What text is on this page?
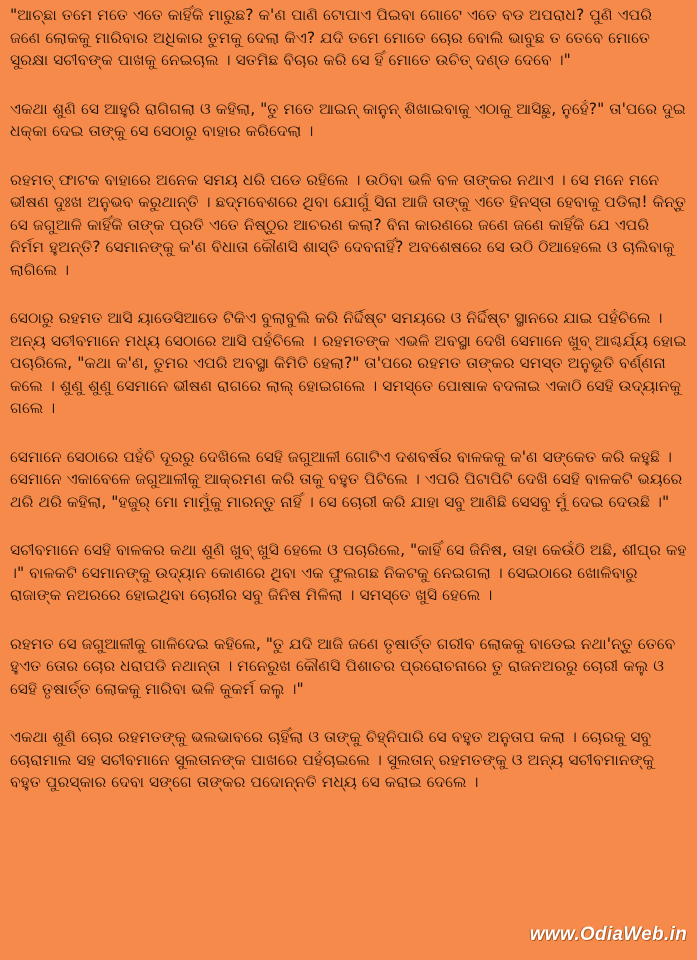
"ଆଚ୍ଛା ତମେ ମତେ ଏତେ କାହିଁକି ମାରୁଛ? କ'ଣ ପାଣି ଟୋପାଏ ପିଇବା ଗୋଟେ ଏତେ ବଡ ଅପରାଧ? ପୁଣି ଏପରି ଜଣେ ଲୋକକୁ ମାରିବାର ଅଧିକାର ତୁମକୁ ଦେଲା କିଏ? ଯଦି ତମେ ମୋତେ ଚୋର ବୋଲି ଭାବୁଛ ତ ତେବେ ମୋତେ ସୁରକ୍ଷା ସଚୀବଙ୍କ ପାଖକୁ ନେଇଚାଲ । ସତମିଛ ବିଚାର କରି ସେ ହିଁ ମୋତେ ଉଚିତ୍ ଦଣ୍ଡ ଦେବେ ।"

ଏକଥା ଶୁଣି ସେ ଆହୁରି ରାଗିଗଲା ଓ କହିଲା, "ତୁ ମତେ ଆଇନ୍ କାନୁନ୍ ଶିଖାଇବାକୁ ଏଠାକୁ ଆସିଛୁ, ନୁହେଁ?" ତା'ପରେ ଦୁଇ ଧକ୍କା ଦେଇ ତାଙ୍କୁ ସେ ସେଠାରୁ ବାହାର କରିଦେଲା ।

ରହମତ୍ ଫାଟକ ବାହାରେ ଅନେକ ସମୟ ଧରି ପଡେ ରହିଲେ । ଉଠିବା ଭଳି ବଳ ତାଙ୍କର ନଥାଏ । ସେ ମନେ ମନେ ଭୀଷଣ ଦୁଃଖ ଅନୁଭବ କରୁଥାନ୍ତି । ଛଦ୍ମବେଶରେ ଥିବା ଯୋଗୁଁ ସିନା ଆଜି ତାଙ୍କୁ ଏତେ ହିନସ୍ତା ହେବାକୁ ପଡିଲା! କିନ୍ତୁ ସେ ଜଗୁଆଳି କାହିଁକି ତାଙ୍କ ପ୍ରତି ଏତେ ନିଷ୍ଠୁର ଆଚରଣ କଲା? ବିନା କାରଣରେ ଜଣେ ଜଣେ କାହିଁକି ଯେ ଏପରି ନିର୍ମମ ହୁଅନ୍ତି? ସେମାନଙ୍କୁ କ'ଣ ବିଧାତା କୌଣସି ଶାସ୍ତି ଦେବନାହିଁ? ଅବଶେଷରେ ସେ ଉଠି ଠିଆହେଲେ ଓ ଚାଲିବାକୁ ଲାଗିଲେ ।

ସେଠାରୁ ରହମତ ଆସି ୟାଡେସିଆଡେ ଟିକିଏ ବୁଲାବୁଲି କରି ନିର୍ଦ୍ଦିଷ୍ଟ ସମୟରେ ଓ ନିର୍ଦ୍ଦିଷ୍ଟ ସ୍ଥାନରେ ଯାଇ ପହଁଚିଲେ । ଅନ୍ୟ ସଚୀବମାନେ ମଧ୍ୟ ସେଠାରେ ଆସି ପହଁଚିଲେ । ରହମତଙ୍କ ଏଭଳି ଅବସ୍ଥା ଦେଖି ସେମାନେ ଖୁବ୍ ଆଶ୍ଚର୍ଯ୍ୟ ହୋଇ ପଚାରିଲେ, "କଥା କ'ଣ, ତୁମର ଏପରି ଅବସ୍ଥା କିମିତି ହେଲା?" ତା'ପରେ ରହମତ ତାଙ୍କର ସମସ୍ତ ଅନୁଭୂତି ବର୍ଣ୍ଣନା କଲେ । ଶୁଣୁ ଶୁଣୁ ସେମାନେ ଭୀଷଣ ରାଗରେ ଲାଲ୍ ହୋଇଗଲେ । ସମସ୍ତେ ପୋଷାକ ବଦଳାଇ ଏକାଠି ସେହି ଉଦ୍ୟାନକୁ ଗଲେ ।

ସେମାନେ ସେଠାରେ ପହଁଚି ଦୂରରୁ ଦେଖିଲେ ସେହି ଜଗୁଆଳୀ ଗୋଟିଏ ଦଶବର୍ଷର ବାଳକକୁ କ'ଣ ସଙ୍କେତ କରି କହୁଛି । ସେମାନେ ଏକାବେଳେ ଜଗୁଆଳୀକୁ ଆକ୍ରମଣ କରି ତାକୁ ବହୁତ ପିଟିଲେ । ଏପରି ପିଟାପିଟି ଦେଖି ସେହି ବାଳକଟି ଭୟରେ ଥରି ଥରି କହିଲା, "ହଜୁର୍ ମୋ ମାମୁଁକୁ ମାରନ୍ତୁ ନାହିଁ । ସେ ଚୋରୀ କରି ଯାହା ସବୁ ଆଣିଛି ସେସବୁ ମୁଁ ଦେଇ ଦେଉଛି ।"

ସଚୀବମାନେ ସେହି ବାଳକର କଥା ଶୁଣି ଖୁବ୍ ଖୁସି ହେଲେ ଓ ପଚାରିଲେ, "କାହିଁ ସେ ଜିନିଷ, ତାହା କେଉଁଠି ଅଛି, ଶୀଘ୍ର କହ ।" ବାଳକଟି ସେମାନଙ୍କୁ ଉଦ୍ୟାନ କୋଣରେ ଥିବା ଏକ ଫୁଲଗଛ ନିକଟକୁ ନେଇଗଲା । ସେଇଠାରେ ଖୋଳିବାରୁ ରାଜାଙ୍କ ନଅରରେ ହୋଇଥିବା ଚୋରୀର ସବୁ ଜିନିଷ ମିଳିଲା । ସମସ୍ତେ ଖୁସି ହେଲେ ।

ରହମତ ସେ ଜଗୁଆଳୀକୁ ଗାଳିଦେଇ କହିଲେ, "ତୁ ଯଦି ଆଜି ଜଣେ ତୃଷାର୍ତ୍ତ ଗରୀବ ଲୋକକୁ ବାଡେଇ ନଥା'ନ୍ତୁ ତେବେ ହୁଏତ ତୋର ଚୋର ଧରାପଡି ନଥାନ୍ତା । ମନେରୁଖ କୌଣସି ପିଶାଚର ପ୍ରରୋଚନାରେ ତୁ ରାଜନଅରରୁ ଚୋରୀ କଲୁ ଓ ସେହି ତୃଷାର୍ତ୍ତ ଲୋକକୁ ମାରିବା ଭଳି କୁକର୍ମ କଲୁ ।"

ଏକଥା ଶୁଣି ଚୋର ରହମତଙ୍କୁ ଭଲଭାବରେ ଚାହିଁଲା ଓ ତାଙ୍କୁ ଚିହ୍ନିପାରି ସେ ବହୁତ ଅନୁତାପ କଲା । ଚୋରକୁ ସବୁ ଚୋରାମାଲ ସହ ସଚୀବମାନେ ସୁଲତାନଙ୍କ ପାଖରେ ପହଁଚାଇଲେ । ସୁଲତାନ୍ ରହମତଙ୍କୁ ଓ ଅନ୍ୟ ସଚୀବମାନଙ୍କୁ ବହୁତ ପୁରସ୍କାର ଦେବା ସଙ୍ଗେ ତାଙ୍କର ପଦୋନ୍ନତି ମଧ୍ୟ ସେ କରାଇ ଦେଲେ ।

www.OdiaWeb.in
